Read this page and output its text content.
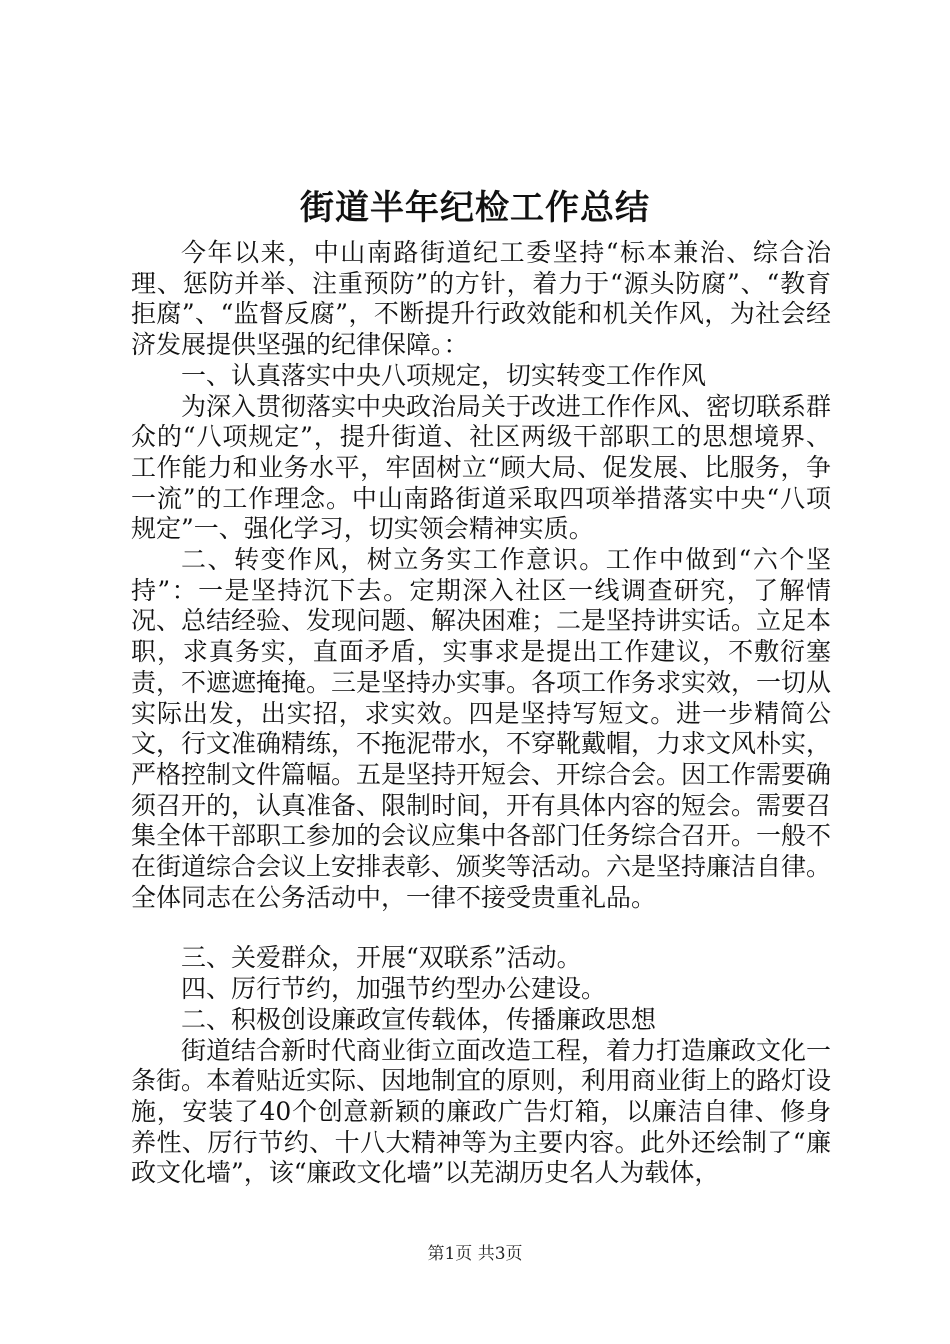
街道半年纪检工作总结

今年以来，中山南路街道纪工委坚持“标本兼治、综合治理、惩防并举、注重预防”的方针，着力于“源头防腐”、“教育拒腐”、“监督反腐”，不断提升行政效能和机关作风，为社会经济发展提供坚强的纪律保障。：

一、认真落实中央八项规定，切实转变工作作风

为深入贯彻落实中央政治局关于改进工作作风、密切联系群众的“八项规定”，提升街道、社区两级干部职工的思想境界、工作能力和业务水平，牢固树立“顾大局、促发展、比服务，争一流”的工作理念。中山南路街道采取四项举措落实中央“八项规定”一、强化学习，切实领会精神实质。

二、转变作风，树立务实工作意识。工作中做到“六个坚持”：一是坚持沉下去。定期深入社区一线调查研究，了解情况、总结经验、发现问题、解决困难；二是坚持讲实话。立足本职，求真务实，直面矛盾，实事求是提出工作建议，不敷衍塞责，不遮遮掩掩。三是坚持办实事。各项工作务求实效，一切从实际出发，出实招，求实效。四是坚持写短文。进一步精简公文，行文准确精练，不拖泥带水，不穿靴戴帽，力求文风朴实，严格控制文件篇幅。五是坚持开短会、开综合会。因工作需要确须召开的，认真准备、限制时间，开有具体内容的短会。需要召集全体干部职工参加的会议应集中各部门任务综合召开。一般不在街道综合会议上安排表彰、颁奖等活动。六是坚持廉洁自律。全体同志在公务活动中，一律不接受贵重礼品。

三、关爱群众，开展“双联系”活动。

四、厉行节约，加强节约型办公建设。

二、积极创设廉政宣传载体，传播廉政思想

街道结合新时代商业街立面改造工程，着力打造廉政文化一条街。本着贴近实际、因地制宜的原则，利用商业街上的路灯设施，安装了40个创意新颖的廉政广告灯箱，以廉洁自律、修身养性、厉行节约、十八大精神等为主要内容。此外还绘制了“廉政文化墙”，该“廉政文化墙”以芜湖历史名人为载体，

第1页 共3页
